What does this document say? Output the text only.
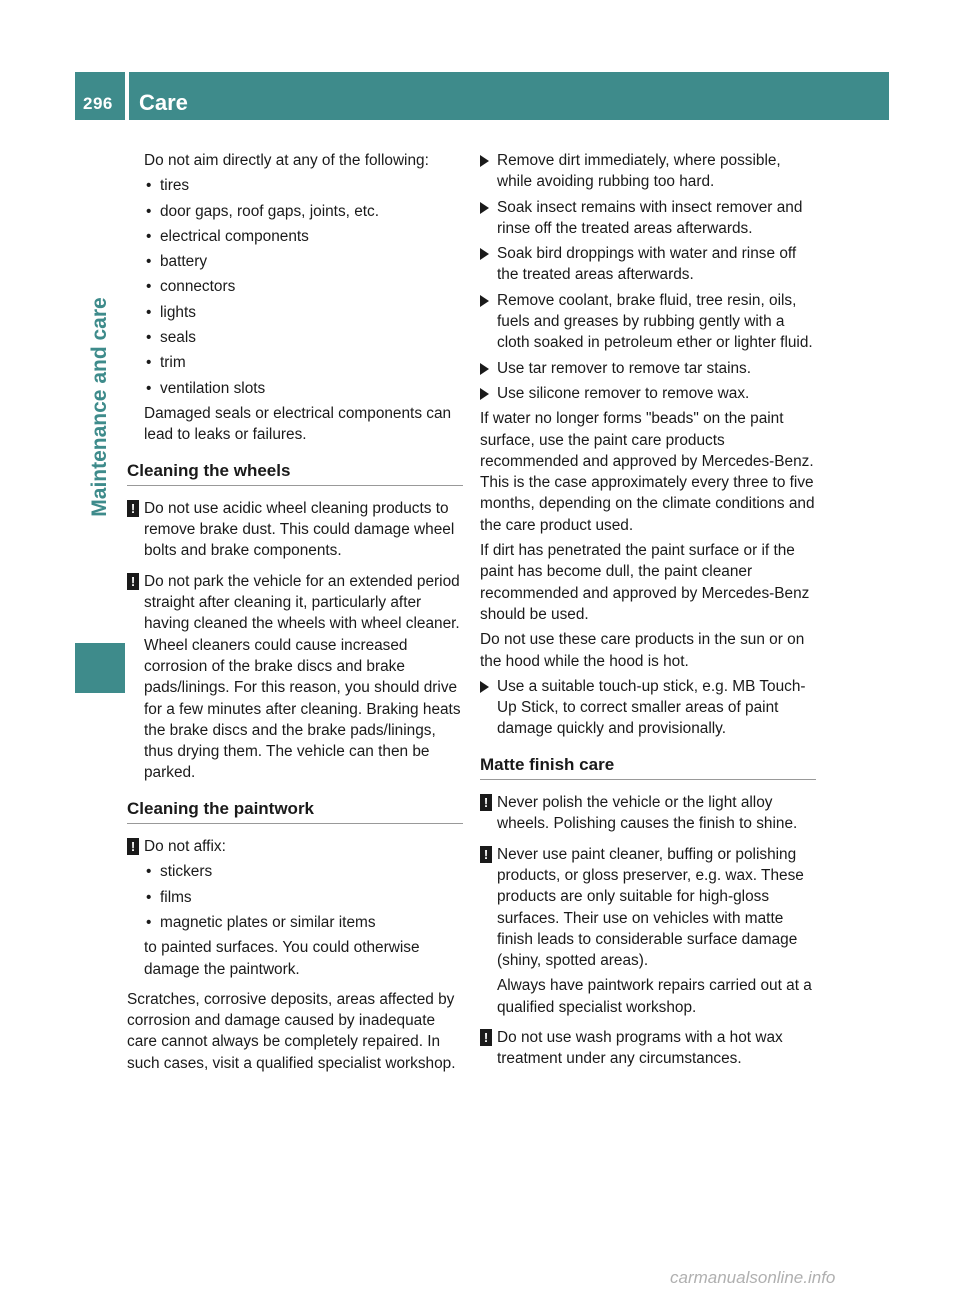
296 Care
Maintenance and care

Do not aim directly at any of the following:

• tires
• door gaps, roof gaps, joints, etc.
• electrical components
• battery
• connectors
• lights
• seals
• trim
• ventilation slots

Damaged seals or electrical components can lead to leaks or failures.

Cleaning the wheels
! Do not use acidic wheel cleaning products to remove brake dust. This could damage wheel bolts and brake components.

! Do not park the vehicle for an extended period straight after cleaning it, particularly after having cleaned the wheels with wheel cleaner. Wheel cleaners could cause increased corrosion of the brake discs and brake pads/linings. For this reason, you should drive for a few minutes after cleaning. Braking heats the brake discs and the brake pads/linings, thus drying them. The vehicle can then be parked.

Cleaning the paintwork
! Do not affix:

• stickers
• films
• magnetic plates or similar items

to painted surfaces. You could otherwise damage the paintwork.

Scratches, corrosive deposits, areas affected by corrosion and damage caused by inadequate care cannot always be completely repaired. In such cases, visit a qualified specialist workshop.

Remove dirt immediately, where possible, while avoiding rubbing too hard.
Soak insect remains with insect remover and rinse off the treated areas afterwards.
Soak bird droppings with water and rinse off the treated areas afterwards.
Remove coolant, brake fluid, tree resin, oils, fuels and greases by rubbing gently with a cloth soaked in petroleum ether or lighter fluid.
Use tar remover to remove tar stains.
Use silicone remover to remove wax.

If water no longer forms "beads" on the paint surface, use the paint care products recommended and approved by Mercedes-Benz. This is the case approximately every three to five months, depending on the climate conditions and the care product used.

If dirt has penetrated the paint surface or if the paint has become dull, the paint cleaner recommended and approved by Mercedes-Benz should be used.

Do not use these care products in the sun or on the hood while the hood is hot.

Use a suitable touch-up stick, e.g. MB Touch-Up Stick, to correct smaller areas of paint damage quickly and provisionally.
Matte finish care
! Never polish the vehicle or the light alloy wheels. Polishing causes the finish to shine.

! Never use paint cleaner, buffing or polishing products, or gloss preserver, e.g. wax. These products are only suitable for high-gloss surfaces. Their use on vehicles with matte finish leads to considerable surface damage (shiny, spotted areas).

Always have paintwork repairs carried out at a qualified specialist workshop.

! Do not use wash programs with a hot wax treatment under any circumstances.

carmanualsonline.info
